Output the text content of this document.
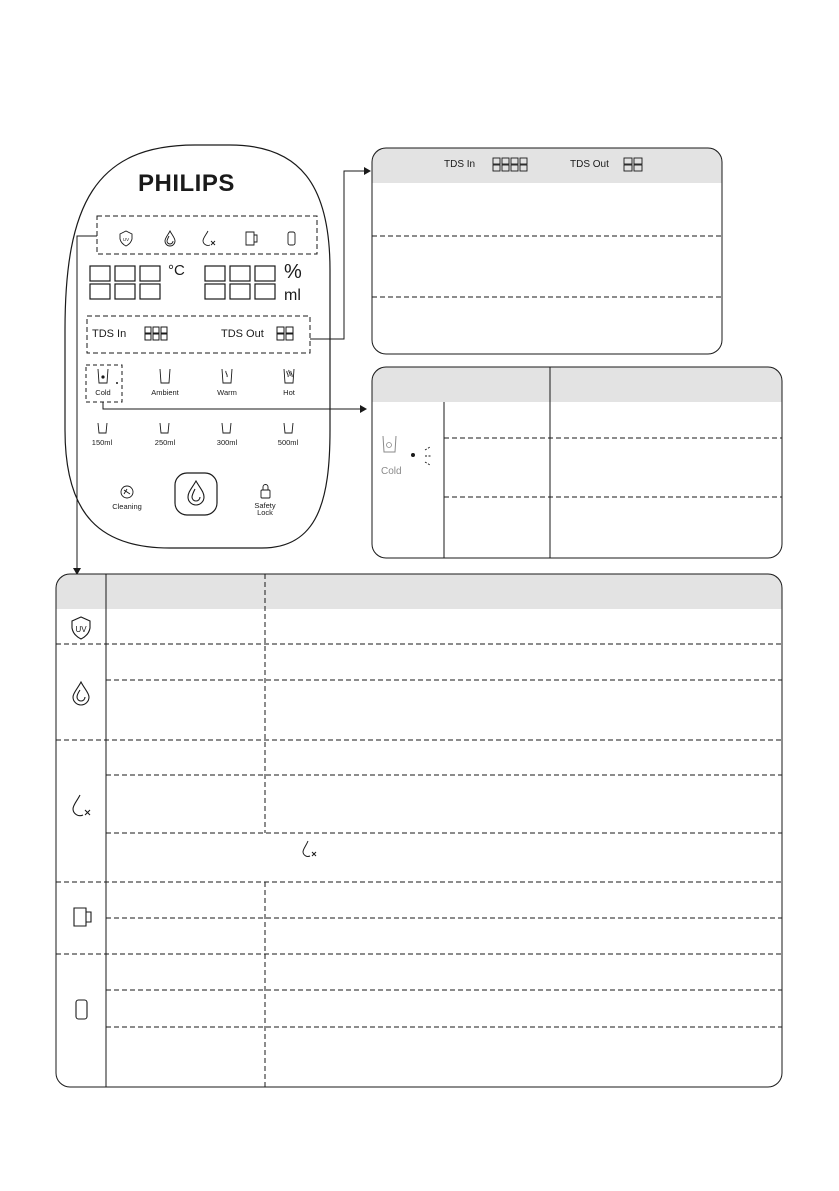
UV
UV
PHILIPS
°C	%
ml
TDS In	TDS Out
Cold	Ambient	Warm	Hot
150ml	250ml	300ml	500ml
Cleaning	Safety
Lock
TDS In	TDS Out
Cold
